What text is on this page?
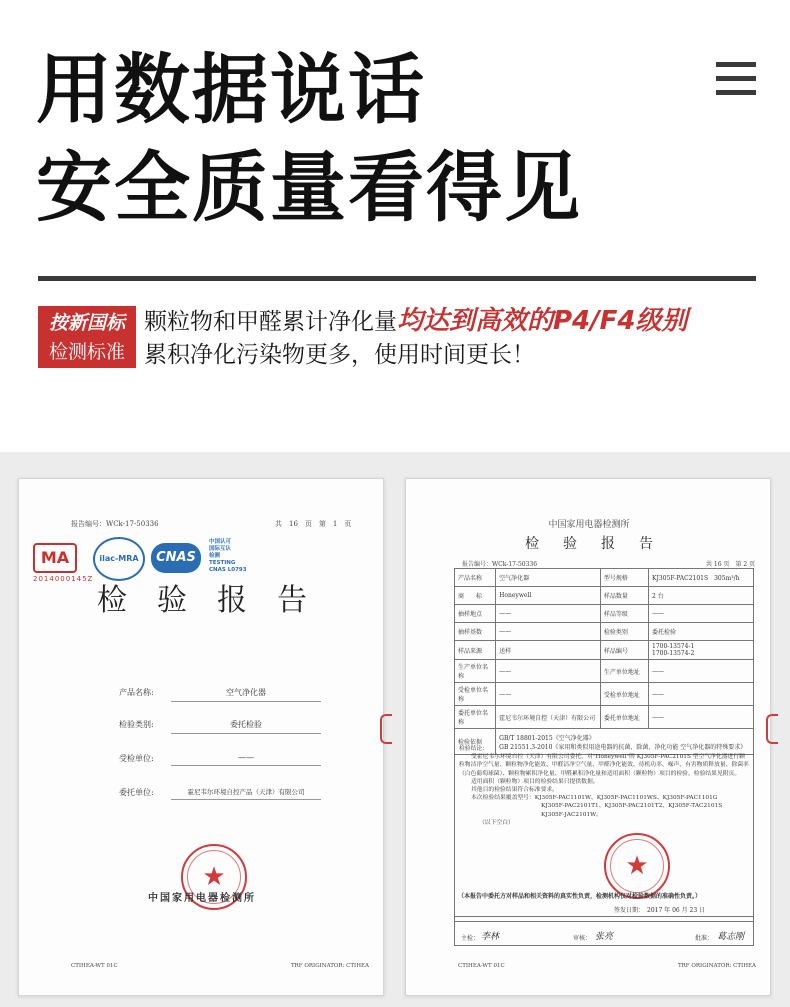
用数据说话
安全质量看得见
按新国标
检测标准
颗粒物和甲醛累计净化量均达到高效的P4/F4级别
累积净化污染物更多，使用时间更长！
报告编号：WCk-17-50336	共　16　页　第　1　页
MA
2014000145Z
ilac-MRA	CNAS
中国认可
国际互认
检测
TESTING
CNAS L0793
检验报告
产品名称:	空气净化器
检验类别:	委托检验
受检单位:	——
委托单位:	霍尼韦尔环境自控产品（天津）有限公司
★
中国家用电器检测所
CTIHEA-WT 01C	TRF ORIGINATOR: CTIHEA
中国家用电器检测所
检验报告
报告编号：WCk-17-50336	共 16 页　第 2 页
产品名称	空气净化器	型号规格	KJ305F-PAC2101S　305m³/h
商　　标	Honeywell	样品数量	2 台
抽样地点	——	样品等级	——
抽样基数	——	检验类别	委托检验
样品来源	送样	样品编号	1700-13574-1
1700-13574-2
生产单位名称	——	生产单位地址	——
受检单位名称	——	受检单位地址	——
委托单位名称	霍尼韦尔环境自控（天津）有限公司	委托单位地址	——
检验依据	GB/T 18801-2015《空气净化器》
GB 21551.3-2010《家用和类似用途电器的抗菌、除菌、净化功能 空气净化器的特殊要求》		

检验结论：

受霍尼韦尔环境自控（天津）有限公司委托，对"Honeywell"牌 KJ305F-PAC2101S 型空气净化器进行颗粒物洁净空气量、颗粒物净化能效、甲醛洁净空气量、甲醛净化能效、待机功率、噪声、有害物质释放量、除菌率（白色葡萄球菌）、颗粒物累积净化量、甲醛累积净化量和适用面积（颗粒物）项目的检验，检验结果见附页。

适用面积（颗粒物）项目的检验结果只提供数据。

其他目的检验结果符合标准要求。

本次检验结果覆盖型号：KJ305F-PAC1101W、KJ305F-PAC1101WS、KJ305F-PAC1101G

KJ305F-PAC2101T1、KJ305F-PAC2101T2、KJ305F-TAC2101S

KJ305F-JAC2101W。

（以下空白）

★
（本报告中委托方对样品和相关资料的真实性负责，检测机构仅对检验数据的准确性负责。）
签发日期：　2017 年 06 月 23 日
主检： 李林	审核： 张亮	批准： 葛志刚
CTIHEA-WT 01C	TRF ORIGINATOR: CTIHEA
